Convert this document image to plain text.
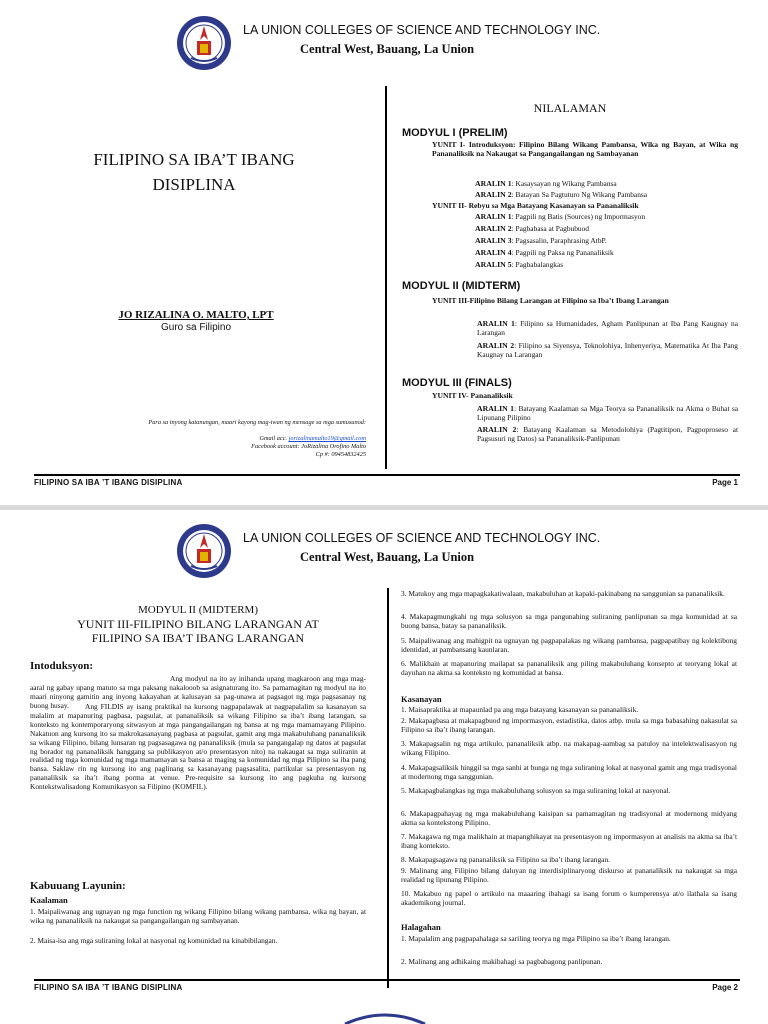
LA UNION COLLEGES OF SCIENCE AND TECHNOLOGY INC.
Central West, Bauang, La Union
FILIPINO SA IBA’T IBANG
DISIPLINA
JO RIZALINA O. MALTO, LPT
Guro sa Filipino
Para sa inyong katanungan, maari kayong mag-iwan ng mensage sa mga sumusunod:
Gmail acc. jorizalinamalto19@gmail.com
Facebook account: JoRizalina Orofino Malto
Cp #: 09454832425
NILALAMAN
MODYUL I (PRELIM)
YUNIT I- Introduksyon: Filipino Bilang Wikang Pambansa, Wika ng Bayan, at Wika ng Pananaliksik na Nakaugat sa Pangangailangan ng Sambayanan
ARALIN 1: Kasaysayan ng Wikang Pambansa
ARALIN 2: Batayan Sa Pagtuturo Ng Wikang Pambansa
YUNIT II- Rebyu sa Mga Batayang Kasanayan sa Pananaliksik
ARALIN 1: Pagpili ng Batis (Sources) ng Impormasyon
ARALIN 2: Pagbabasa at Pagbubuod
ARALIN 3: Pagsasalin, Paraphrasing AtbP.
ARALIN 4: Pagpili ng Paksa ng Pananaliksik
ARALIN 5: Pagbabalangkas
MODYUL II (MIDTERM)
YUNIT III-Filipino Bilang Larangan at Filipino sa Iba’t Ibang Larangan
ARALIN 1: Filipino sa Humanidades, Agham Panlipunan at Iba Pang Kaugnay na Larangan
ARALIN 2: Filipino sa Siyensya, Teknolohiya, Inhenyeriya, Matematika At Iba Pang Kaugnay na Larangan
MODYUL III (FINALS)
YUNIT IV- Pananaliksik
ARALIN 1: Batayang Kaalaman sa Mga Teorya sa Pananaliksik na Akma o Buhat sa Lipunang Pilipino
ARALIN 2: Batayang Kaalaman sa Metodolohiya (Pagtitipon, Pagpoproseso at Pagsusuri ng Datos) sa Pananaliksik-Panlipunan
FILIPINO SA IBA ’T IBANG DISIPLINA	Page 1
LA UNION COLLEGES OF SCIENCE AND TECHNOLOGY INC.
Central West, Bauang, La Union
MODYUL II (MIDTERM)
YUNIT III-FILIPINO BILANG LARANGAN AT
FILIPINO SA IBA’T IBANG LARANGAN
Intoduksyon:
Ang modyul na ito ay inihanda upang magkaroon ang mga mag-aaral ng gabay upang matuto sa mga paksang nakalooob sa asignaturang ito. Sa pamamagitan ng modyul na ito maari ninyong gamitin ang inyong kakayahan at kalusayan sa pag-unawa at pagsagot ng mga pagsasanay ng buong husay.	Ang FILDIS ay isang praktikal na kursong nagpapalawak at nagpapalalim sa kasanayan sa malalim at mapanuring pagbasa, pagsulat, at pananaliksik sa wikang Filipino sa iba’t ibang larangan, sa konteksto ng kontemporaryong sitwasyon at mga pangangailangan ng bansa at ng mga mamamayang Pilipino. Nakatuon ang kursong ito sa makrokasanayang pagbasa at pagsulat, gamit ang mga makabuluhang pananaliksik sa wikang Filipino, bilang lunsaran ng pagsasagawa ng pananaliksik (mula sa pangangalap ng datos at pagsulat ng borador ng pananaliksik hanggang sa publikasyon at/o presentasyon nito) na nakaugat sa mga suliranin at realidad ng mga komunidad ng mga mamamayan sa bansa at maging sa komunidad ng mga Pilipino sa iba pang bansa. Saklaw rin ng kursong ito ang paglinang sa kasanayang pagsasalita, partikular sa presentasyon ng pananaliksik sa iba’t ibang porma at venue. Pre-requisite sa kursong ito ang pagkuha ng kursong Kontekstwalisadong Komunikasyon sa Filipino (KOMFIL).
Kabuuang Layunin:
Kaalaman
1. Maipaliwanag ang ugnayan ng mga function ng wikang Filipino bilang wikang pambansa, wika ng bayan, at wika ng pananaliksik na nakaugat sa pangangailangan ng sambayanan.
2. Maisa-isa ang mga suliraning lokal at nasyonal ng komunidad na kinabibilangan.
3. Matukoy ang mga mapagkakatiwalaan, makabuluhan at kapaki-pakinabang na sanggunian sa pananaliksik.
4. Makapagmungkahi ng mga solusyon sa mga pangunahing suliraning panlipunan sa mga komunidad at sa buong bansa, batay sa pananaliksik.
5. Maipaliwanag ang mahigpit na ugnayan ng pagpapalakas ng wikang pambansa, pagpapatibay ng kolektibong identidad, at pambansang kaunlaran.
6. Malikhain at mapanuring mailapat sa pananaliksik ang piling makabuluhang konsepto at teoryang lokal at dayuhan na akma sa konteksto ng komunidad at bansa.
Kasanayan
1. Maisapraktika at mapaunlad pa ang mga batayang kasanayan sa pananaliksik.
2. Makapagbasa at makapagbuod ng impormasyon, estadistika, datos atbp. mula sa mga babasahing nakasulat sa Filipino sa iba’t ibang larangan.
3. Makapagsalin ng mga artikulo, pananaliksik atbp. na makapag-aambag sa patuloy na intelektwalisasyon ng wikang Filipino.
4. Makapagsaliksik hinggil sa mga sanhi at bunga ng mga suliraning lokal at nasyonal gamit ang mga tradisyonal at modernong mga sanggunian.
5. Makapagbalangkas ng mga makabuluhang solusyon sa mga suliraning lokal at nasyonal.
6. Makapagpahayag ng mga makabuluhang kaisipan sa pamamagitan ng tradisyonal at modernong midyang akma sa kontekstong Pilipino.
7. Makagawa ng mga malikhain at mapanghikayat na presentasyon ng impormasyon at analisis na akma sa iba’t ibang konteksto.
8. Makapagsagawa ng pananaliksik sa Filipino sa iba’t ibang larangan.
9. Malinang ang Filipino bilang daluyan ng interdisiplinaryong diskurso at pananaliksik na nakaugat sa mga realidad ng lipunang Pilipino.
10. Makabuo ng papel o artikulo na maaaring ibahagi sa isang forum o kumperensya at/o ilathala sa isang akademikong journal.
Halagahan
1. Mapalalim ang pagpapahalaga sa sariling teorya ng mga Pilipino sa iba’t ibang larangan.
2. Malinang ang adhikaing makibahagi sa pagbabagong panlipunan.
FILIPINO SA IBA ’T IBANG DISIPLINA	Page 2
